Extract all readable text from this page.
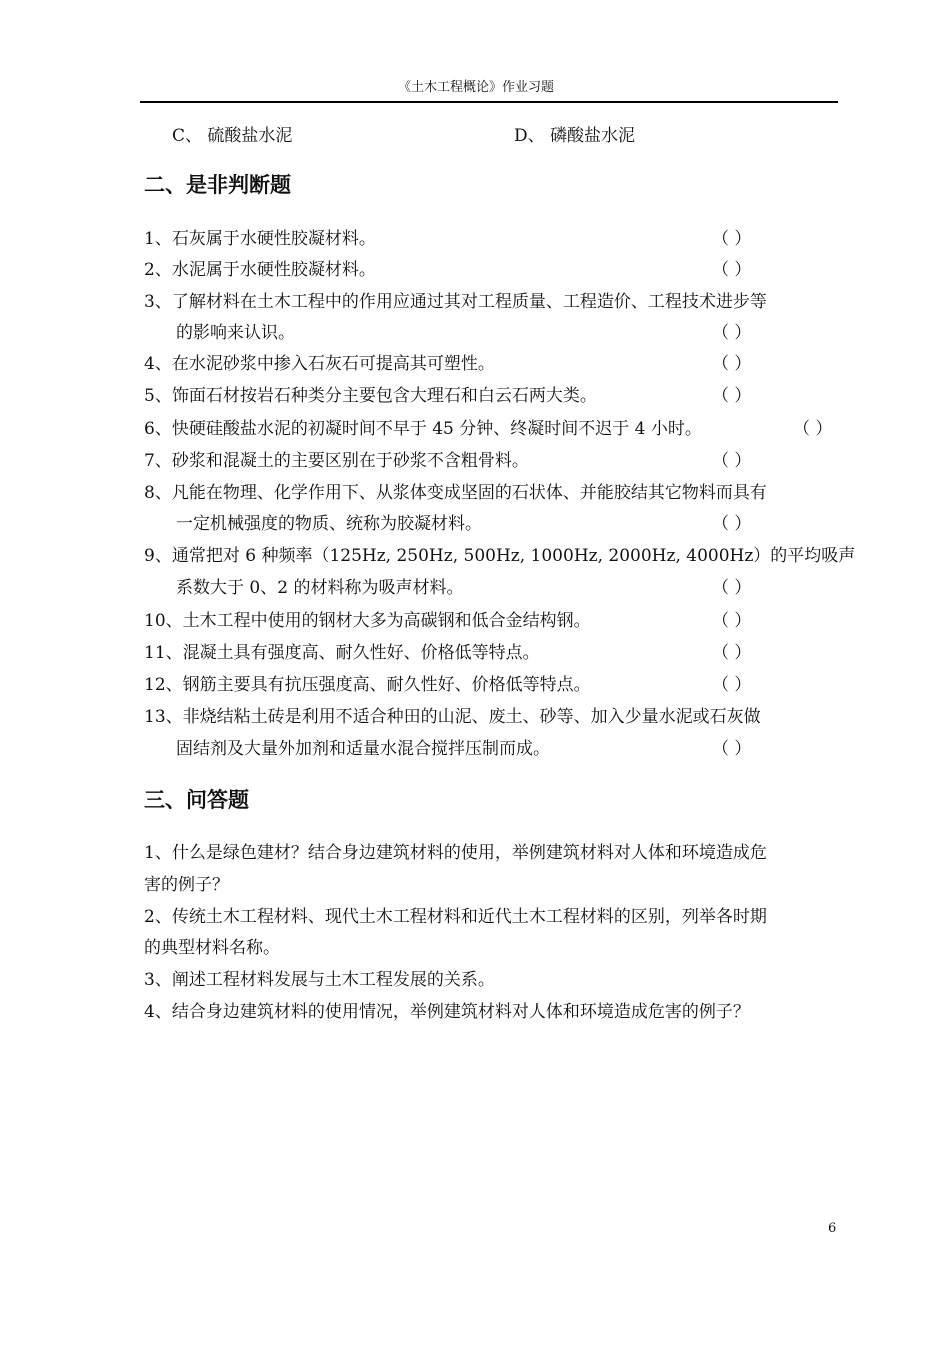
《土木工程概论》作业习题
C、 硫酸盐水泥	D、 磷酸盐水泥
二、是非判断题
1、石灰属于水硬性胶凝材料。	（ ）
2、水泥属于水硬性胶凝材料。	（ ）
3、了解材料在土木工程中的作用应通过其对工程质量、工程造价、工程技术进步等
的影响来认识。	（ ）
4、在水泥砂浆中掺入石灰石可提高其可塑性。	（ ）
5、饰面石材按岩石种类分主要包含大理石和白云石两大类。	（ ）
6、快硬硅酸盐水泥的初凝时间不早于 45 分钟、终凝时间不迟于 4 小时。	（ ）
7、砂浆和混凝土的主要区别在于砂浆不含粗骨料。	（ ）
8、凡能在物理、化学作用下、从浆体变成坚固的石状体、并能胶结其它物料而具有
一定机械强度的物质、统称为胶凝材料。	（ ）
9、通常把对 6 种频率（125Hz, 250Hz, 500Hz, 1000Hz, 2000Hz, 4000Hz）的平均吸声
系数大于 0、2 的材料称为吸声材料。	（ ）
10、土木工程中使用的钢材大多为高碳钢和低合金结构钢。	（ ）
11、混凝土具有强度高、耐久性好、价格低等特点。	（ ）
12、钢筋主要具有抗压强度高、耐久性好、价格低等特点。	（ ）
13、非烧结粘土砖是利用不适合种田的山泥、废土、砂等、加入少量水泥或石灰做
固结剂及大量外加剂和适量水混合搅拌压制而成。	（ ）
三、问答题
1、什么是绿色建材？结合身边建筑材料的使用，举例建筑材料对人体和环境造成危
害的例子？
2、传统土木工程材料、现代土木工程材料和近代土木工程材料的区别，列举各时期
的典型材料名称。
3、阐述工程材料发展与土木工程发展的关系。
4、结合身边建筑材料的使用情况，举例建筑材料对人体和环境造成危害的例子？
6
